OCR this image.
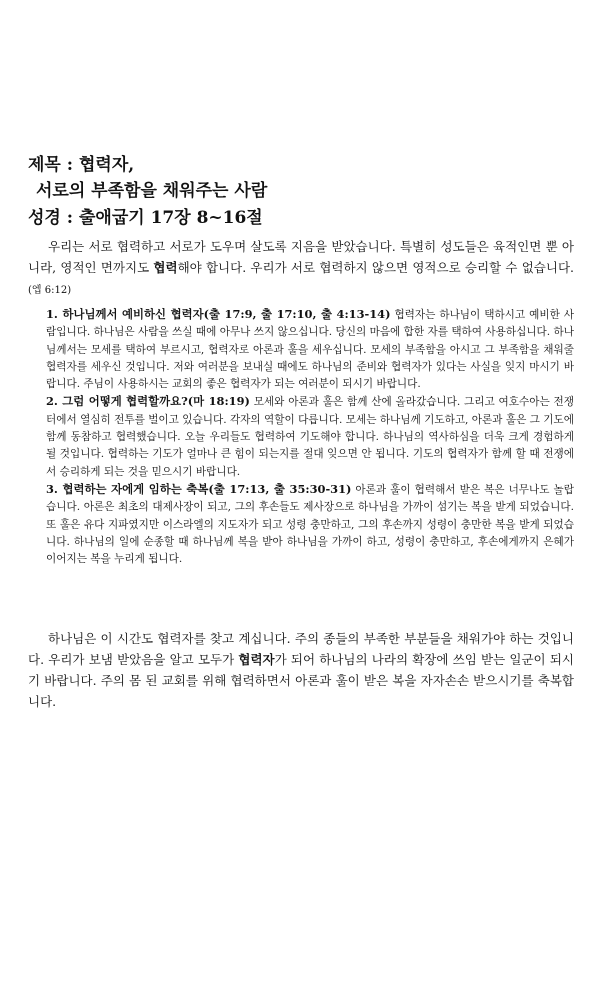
제목 : 협력자,
서로의 부족함을 채워주는 사람
성경 : 출애굽기 17장 8~16절
우리는 서로 협력하고 서로가 도우며 살도록 지음을 받았습니다. 특별히 성도들은 육적인면 뿐 아니라, 영적인 면까지도 협력해야 합니다. 우리가 서로 협력하지 않으면 영적으로 승리할 수 없습니다.(엡 6:12)

1. 하나님께서 예비하신 협력자(출 17:9, 출 17:10, 출 4:13-14) 협력자는 하나님이 택하시고 예비한 사람입니다. 하나님은 사람을 쓰실 때에 아무나 쓰지 않으십니다. 당신의 마음에 합한 자를 택하여 사용하십니다. 하나님께서는 모세를 택하여 부르시고, 협력자로 아론과 훌을 세우십니다. 모세의 부족함을 아시고 그 부족함을 채워줄 협력자를 세우신 것입니다. 저와 여러분을 보내실 때에도 하나님의 준비와 협력자가 있다는 사실을 잊지 마시기 바랍니다. 주님이 사용하시는 교회의 좋은 협력자가 되는 여러분이 되시기 바랍니다.

2. 그럼 어떻게 협력할까요?(마 18:19) 모세와 아론과 훌은 함께 산에 올라갔습니다. 그리고 여호수아는 전쟁터에서 열심히 전투를 벌이고 있습니다. 각자의 역할이 다릅니다. 모세는 하나님께 기도하고, 아론과 훌은 그 기도에 함께 동참하고 협력했습니다. 오늘 우리들도 협력하여 기도해야 합니다. 하나님의 역사하심을 더욱 크게 경험하게 될 것입니다. 협력하는 기도가 얼마나 큰 힘이 되는지를 절대 잊으면 안 됩니다. 기도의 협력자가 함께 할 때 전쟁에서 승리하게 되는 것을 믿으시기 바랍니다.

3. 협력하는 자에게 임하는 축복(출 17:13, 출 35:30-31) 아론과 훌이 협력해서 받은 복은 너무나도 놀랍습니다. 아론은 최초의 대제사장이 되고, 그의 후손들도 제사장으로 하나님을 가까이 섬기는 복을 받게 되었습니다. 또 훌은 유다 지파였지만 이스라엘의 지도자가 되고 성령 충만하고, 그의 후손까지 성령이 충만한 복을 받게 되었습니다. 하나님의 일에 순종할 때 하나님께 복을 받아 하나님을 가까이 하고, 성령이 충만하고, 후손에게까지 은혜가 이어지는 복을 누리게 됩니다.

하나님은 이 시간도 협력자를 찾고 계십니다. 주의 종들의 부족한 부분들을 채워가야 하는 것입니다. 우리가 보냄 받았음을 알고 모두가 협력자가 되어 하나님의 나라의 확장에 쓰임 받는 일군이 되시기 바랍니다. 주의 몸 된 교회를 위해 협력하면서 아론과 훌이 받은 복을 자자손손 받으시기를 축복합니다.
